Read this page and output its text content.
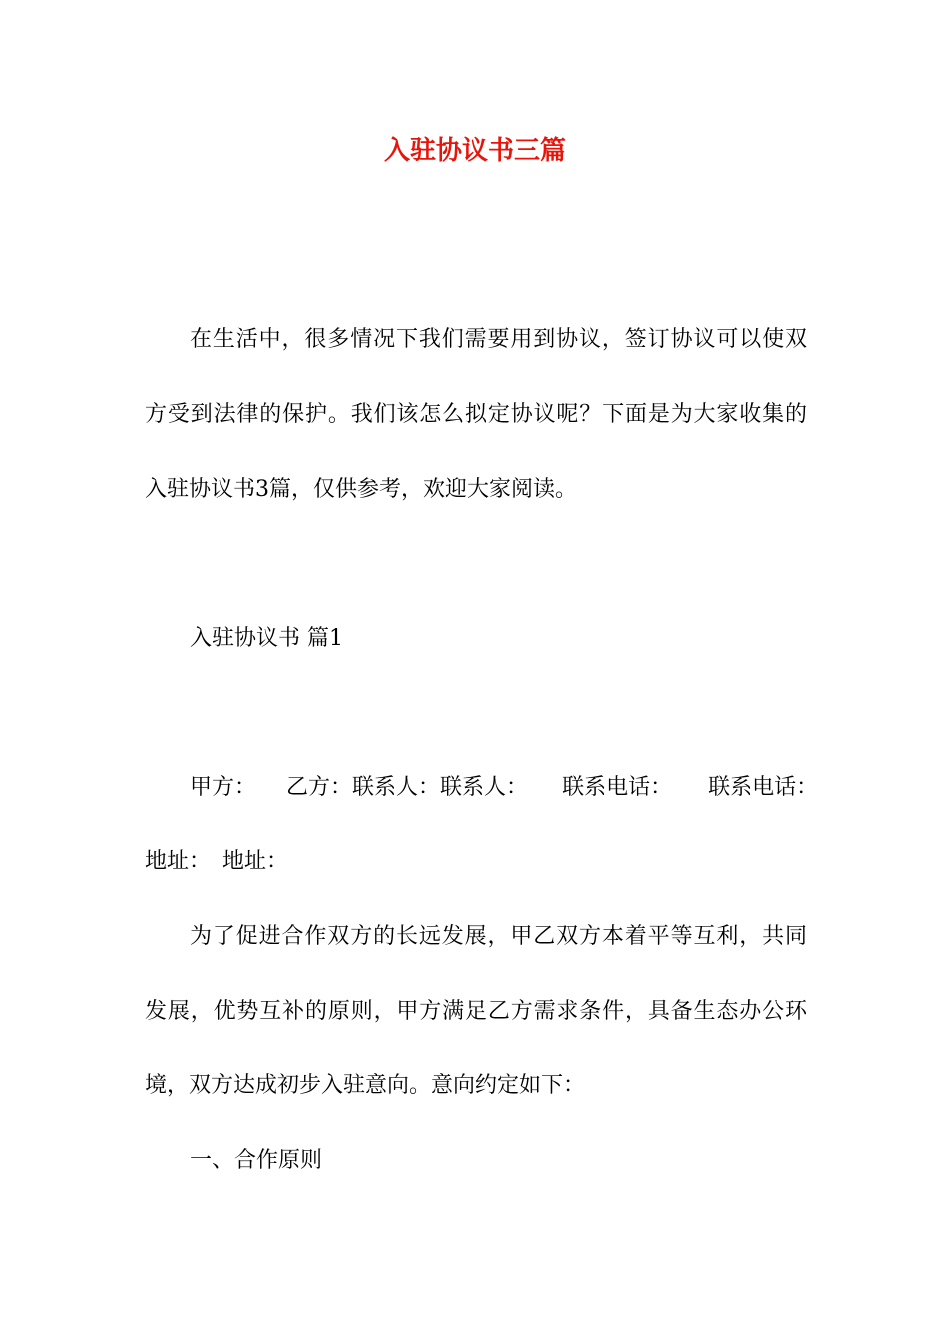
入驻协议书三篇

在生活中，很多情况下我们需要用到协议，签订协议可以使双

方受到法律的保护。我们该怎么拟定协议呢？下面是为大家收集的

入驻协议书3篇，仅供参考，欢迎大家阅读。

入驻协议书 篇1

甲方： 乙方：联系人：联系人： 联系电话： 联系电话：

地址： 地址：

为了促进合作双方的长远发展，甲乙双方本着平等互利，共同

发展，优势互补的原则，甲方满足乙方需求条件，具备生态办公环

境，双方达成初步入驻意向。意向约定如下：

一、合作原则
